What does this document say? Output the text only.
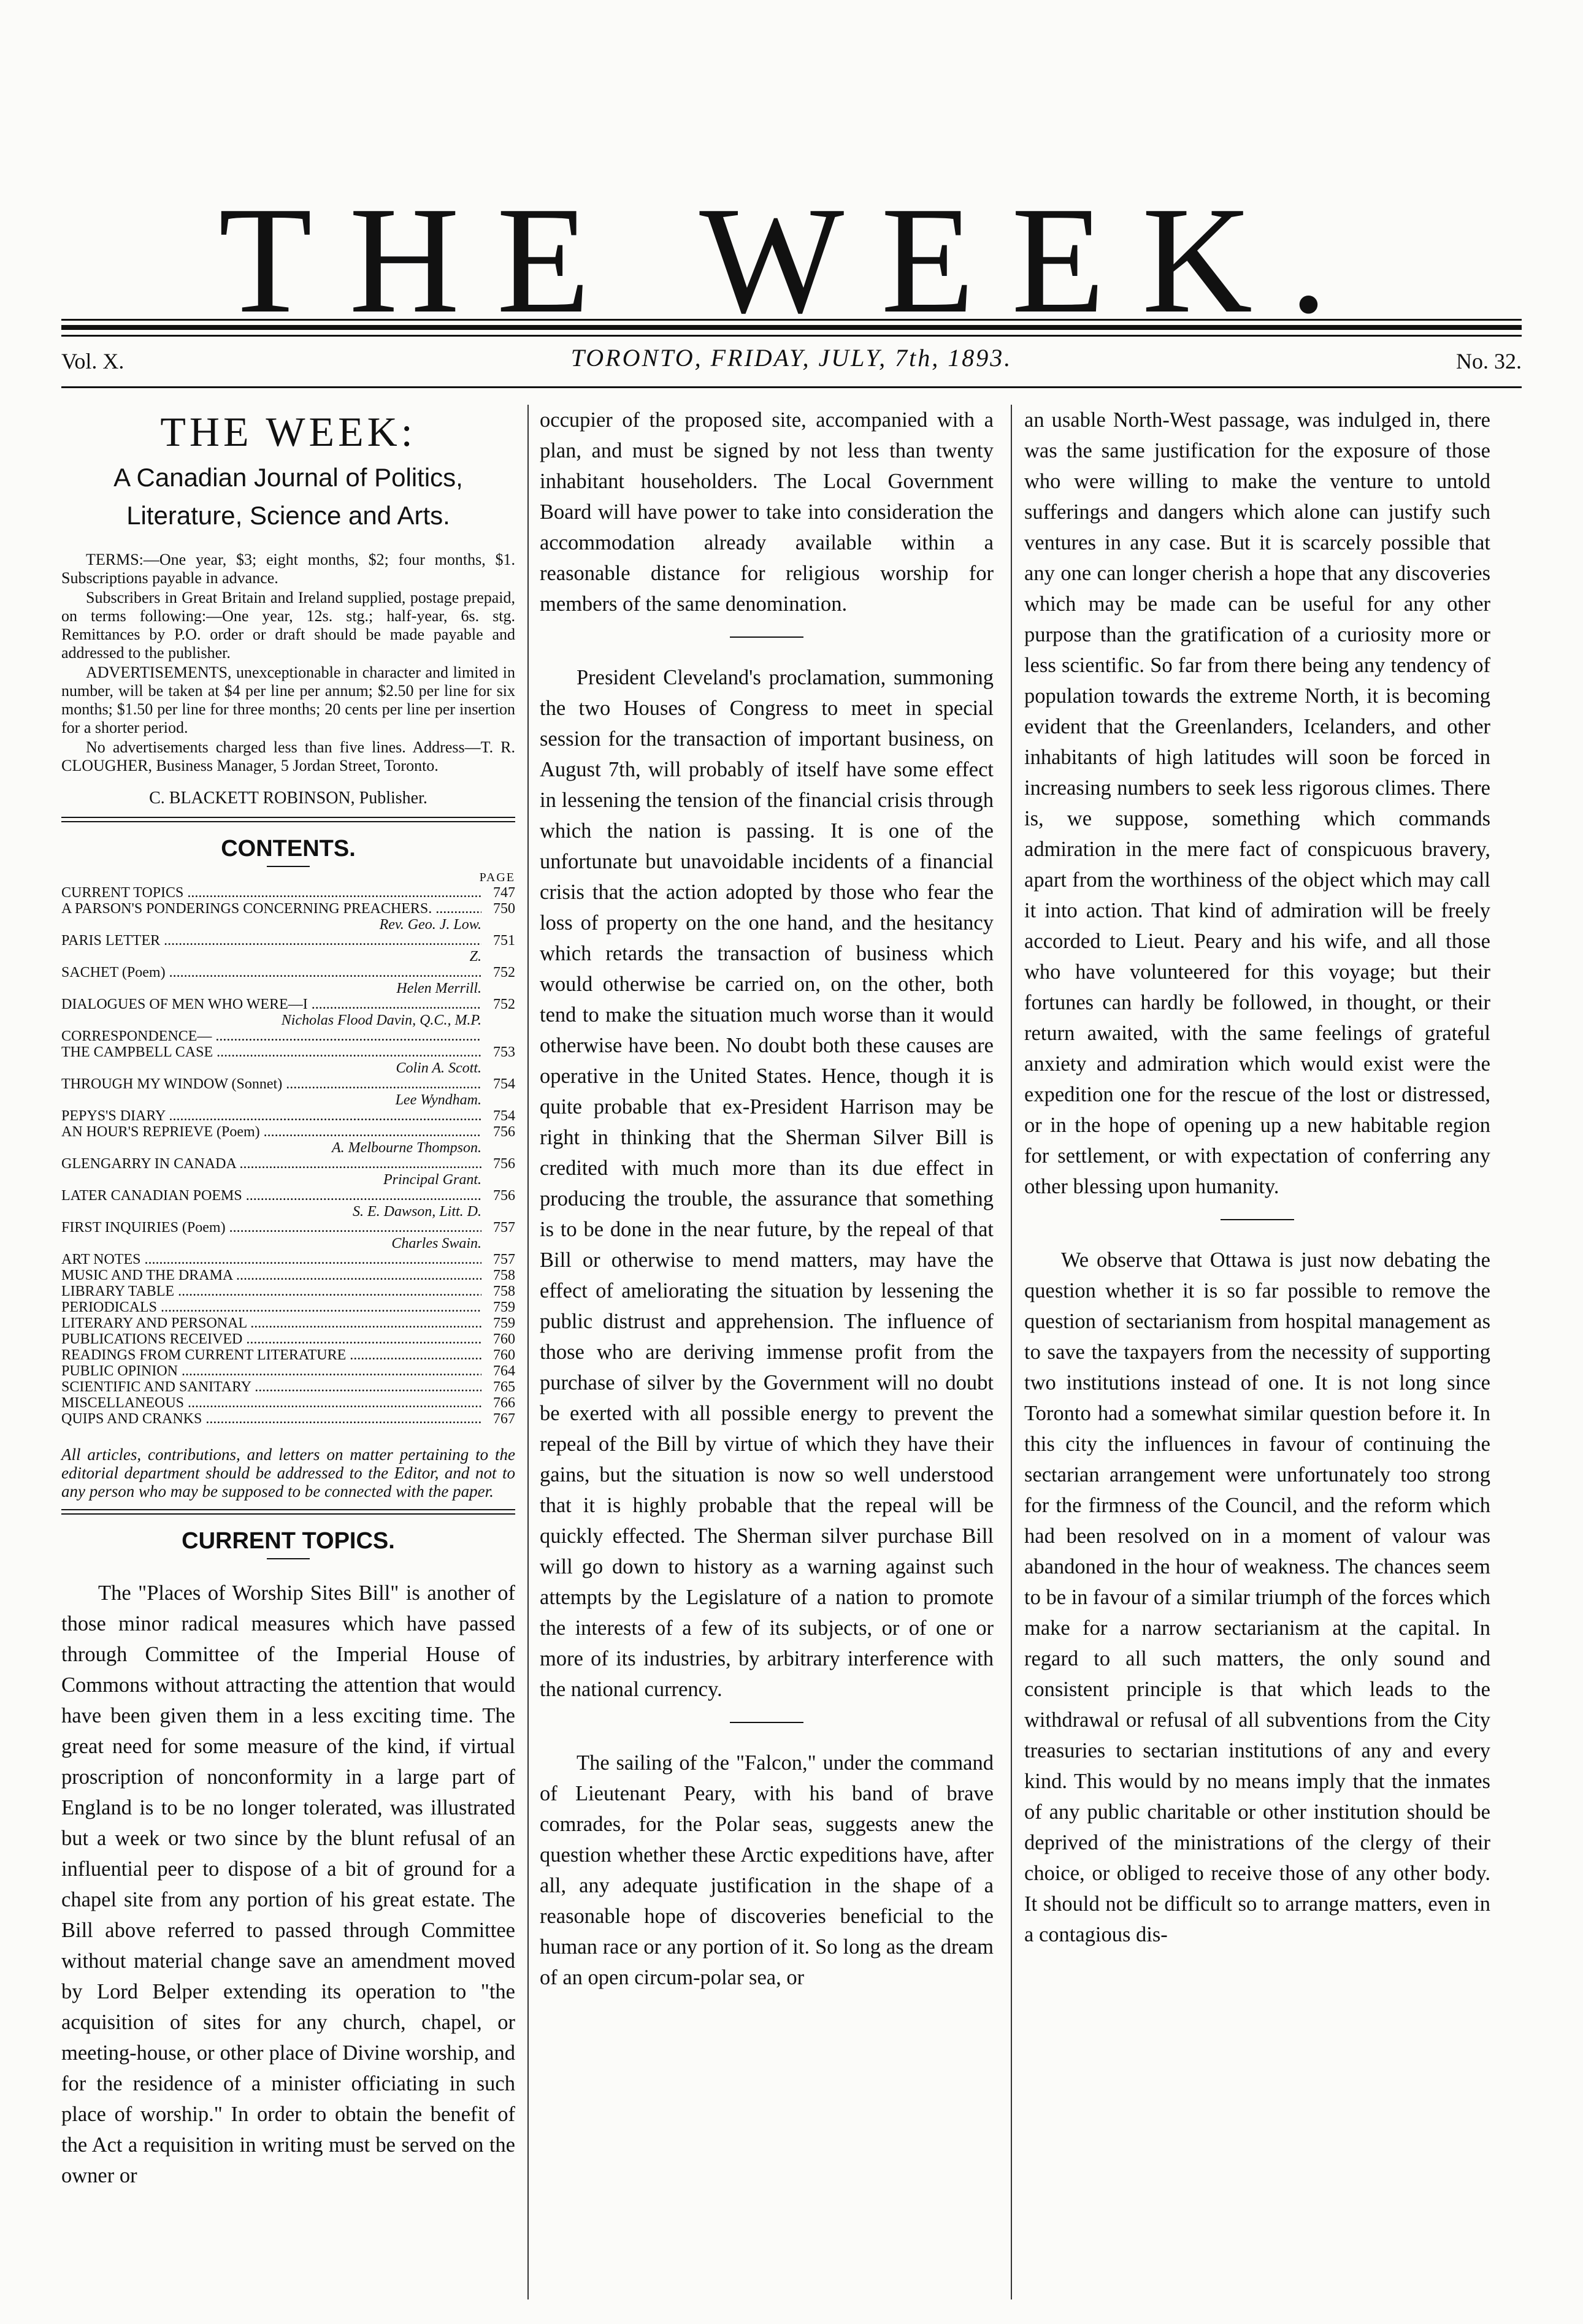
THE WEEK.
Vol. X.	TORONTO, FRIDAY, JULY, 7th, 1893.	No. 32.
THE WEEK:
A Canadian Journal of Politics,
Literature, Science and Arts.
TERMS:—One year, $3; eight months, $2; four months, $1. Subscriptions payable in advance.
Subscribers in Great Britain and Ireland supplied, postage prepaid, on terms following:—One year, 12s. stg.; half-year, 6s. stg. Remittances by P.O. order or draft should be made payable and addressed to the publisher.
ADVERTISEMENTS, unexceptionable in character and limited in number, will be taken at $4 per line per annum; $2.50 per line for six months; $1.50 per line for three months; 20 cents per line per insertion for a shorter period.
No advertisements charged less than five lines. Address—T. R. CLOUGHER, Business Manager, 5 Jordan Street, Toronto.
C. BLACKETT ROBINSON, Publisher.
CONTENTS.
PAGE
CURRENT TOPICS .....	747
A PARSON'S PONDERINGS CONCERNING PREACHERS. .....	750
Rev. Geo. J. Low.
PARIS LETTER .....	751
Z.
SACHET (Poem) .....	752
Helen Merrill.
DIALOGUES OF MEN WHO WERE—I .....	752
Nicholas Flood Davin, Q.C., M.P.
CORRESPONDENCE— .....
THE CAMPBELL CASE .....	753
Colin A. Scott.
THROUGH MY WINDOW (Sonnet) .....	754
Lee Wyndham.
PEPYS'S DIARY .....	754
AN HOUR'S REPRIEVE (Poem) .....	756
A. Melbourne Thompson.
GLENGARRY IN CANADA .....	756
Principal Grant.
LATER CANADIAN POEMS .....	756
S. E. Dawson, Litt. D.
FIRST INQUIRIES (Poem) .....	757
Charles Swain.
ART NOTES .....	757
MUSIC AND THE DRAMA .....	758
LIBRARY TABLE .....	758
PERIODICALS .....	759
LITERARY AND PERSONAL .....	759
PUBLICATIONS RECEIVED .....	760
READINGS FROM CURRENT LITERATURE .....	760
PUBLIC OPINION .....	764
SCIENTIFIC AND SANITARY .....	765
MISCELLANEOUS .....	766
QUIPS AND CRANKS .....	767
All articles, contributions, and letters on matter pertaining to the editorial department should be addressed to the Editor, and not to any person who may be supposed to be connected with the paper.
CURRENT TOPICS.

The "Places of Worship Sites Bill" is another of those minor radical measures which have passed through Committee of the Imperial House of Commons without attracting the attention that would have been given them in a less exciting time. The great need for some measure of the kind, if virtual proscription of nonconformity in a large part of England is to be no longer tolerated, was illustrated but a week or two since by the blunt refusal of an influential peer to dispose of a bit of ground for a chapel site from any portion of his great estate. The Bill above referred to passed through Committee without material change save an amendment moved by Lord Belper extending its operation to "the acquisition of sites for any church, chapel, or meeting-house, or other place of Divine worship, and for the residence of a minister officiating in such place of worship." In order to obtain the benefit of the Act a requisition in writing must be served on the owner or

occupier of the proposed site, accompanied with a plan, and must be signed by not less than twenty inhabitant householders. The Local Government Board will have power to take into consideration the accommodation already available within a reasonable distance for religious worship for members of the same denomination.

President Cleveland's proclamation, summoning the two Houses of Congress to meet in special session for the transaction of important business, on August 7th, will probably of itself have some effect in lessening the tension of the financial crisis through which the nation is passing. It is one of the unfortunate but unavoidable incidents of a financial crisis that the action adopted by those who fear the loss of property on the one hand, and the hesitancy which retards the transaction of business which would otherwise be carried on, on the other, both tend to make the situation much worse than it would otherwise have been. No doubt both these causes are operative in the United States. Hence, though it is quite probable that ex-President Harrison may be right in thinking that the Sherman Silver Bill is credited with much more than its due effect in producing the trouble, the assurance that something is to be done in the near future, by the repeal of that Bill or otherwise to mend matters, may have the effect of ameliorating the situation by lessening the public distrust and apprehension. The influence of those who are deriving immense profit from the purchase of silver by the Government will no doubt be exerted with all possible energy to prevent the repeal of the Bill by virtue of which they have their gains, but the situation is now so well understood that it is highly probable that the repeal will be quickly effected. The Sherman silver purchase Bill will go down to history as a warning against such attempts by the Legislature of a nation to promote the interests of a few of its subjects, or of one or more of its industries, by arbitrary interference with the national currency.

The sailing of the "Falcon," under the command of Lieutenant Peary, with his band of brave comrades, for the Polar seas, suggests anew the question whether these Arctic expeditions have, after all, any adequate justification in the shape of a reasonable hope of discoveries beneficial to the human race or any portion of it. So long as the dream of an open circum-polar sea, or

an usable North-West passage, was indulged in, there was the same justification for the exposure of those who were willing to make the venture to untold sufferings and dangers which alone can justify such ventures in any case. But it is scarcely possible that any one can longer cherish a hope that any discoveries which may be made can be useful for any other purpose than the gratification of a curiosity more or less scientific. So far from there being any tendency of population towards the extreme North, it is becoming evident that the Greenlanders, Icelanders, and other inhabitants of high latitudes will soon be forced in increasing numbers to seek less rigorous climes. There is, we suppose, something which commands admiration in the mere fact of conspicuous bravery, apart from the worthiness of the object which may call it into action. That kind of admiration will be freely accorded to Lieut. Peary and his wife, and all those who have volunteered for this voyage; but their fortunes can hardly be followed, in thought, or their return awaited, with the same feelings of grateful anxiety and admiration which would exist were the expedition one for the rescue of the lost or distressed, or in the hope of opening up a new habitable region for settlement, or with expectation of conferring any other blessing upon humanity.

We observe that Ottawa is just now debating the question whether it is so far possible to remove the question of sectarianism from hospital management as to save the taxpayers from the necessity of supporting two institutions instead of one. It is not long since Toronto had a somewhat similar question before it. In this city the influences in favour of continuing the sectarian arrangement were unfortunately too strong for the firmness of the Council, and the reform which had been resolved on in a moment of valour was abandoned in the hour of weakness. The chances seem to be in favour of a similar triumph of the forces which make for a narrow sectarianism at the capital. In regard to all such matters, the only sound and consistent principle is that which leads to the withdrawal or refusal of all subventions from the City treasuries to sectarian institutions of any and every kind. This would by no means imply that the inmates of any public charitable or other institution should be deprived of the ministrations of the clergy of their choice, or obliged to receive those of any other body. It should not be difficult so to arrange matters, even in a contagious dis-
